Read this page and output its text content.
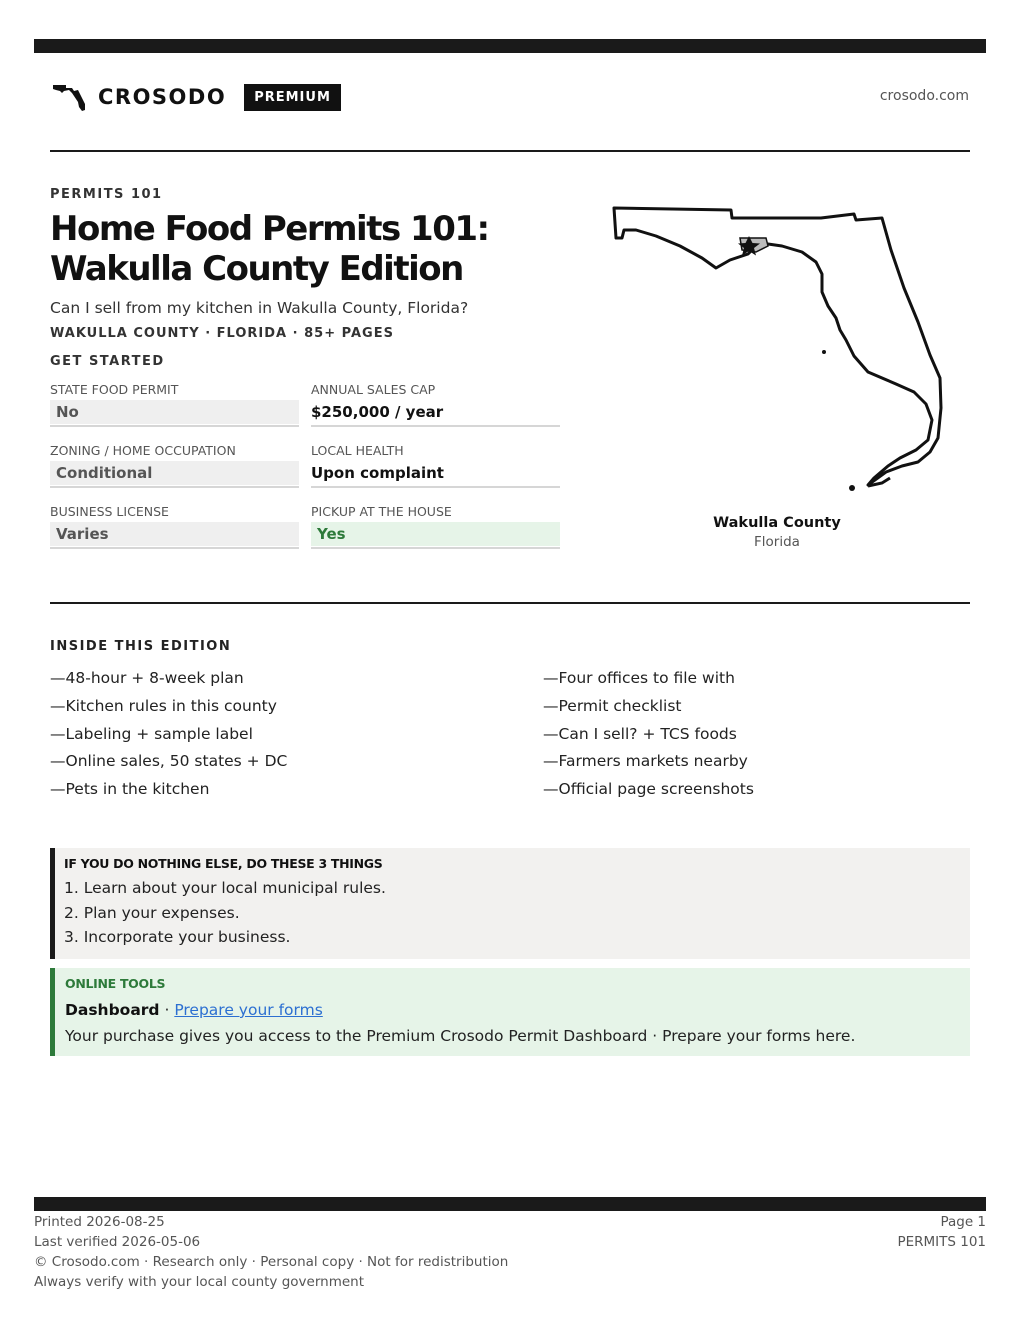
CROSODO	PREMIUM	crosodo.com
PERMITS 101
Home Food Permits 101: Wakulla County Edition
Can I sell from my kitchen in Wakulla County, Florida?
WAKULLA COUNTY · FLORIDA · 85+ PAGES
GET STARTED
STATE FOOD PERMIT
No
ANNUAL SALES CAP
$250,000 / year
ZONING / HOME OCCUPATION
Conditional
LOCAL HEALTH
Upon complaint
BUSINESS LICENSE
Varies
PICKUP AT THE HOUSE
Yes
Wakulla County
Florida
INSIDE THIS EDITION
—48-hour + 8-week plan
—Kitchen rules in this county
—Labeling + sample label
—Online sales, 50 states + DC
—Pets in the kitchen
—Four offices to file with
—Permit checklist
—Can I sell? + TCS foods
—Farmers markets nearby
—Official page screenshots
IF YOU DO NOTHING ELSE, DO THESE 3 THINGS
1. Learn about your local municipal rules.
2. Plan your expenses.
3. Incorporate your business.
ONLINE TOOLS
Dashboard · Prepare your forms
Your purchase gives you access to the Premium Crosodo Permit Dashboard · Prepare your forms here.
Printed 2026-08-25
Last verified 2026-05-06
© Crosodo.com · Research only · Personal copy · Not for redistribution
Always verify with your local county government
Page 1
PERMITS 101
